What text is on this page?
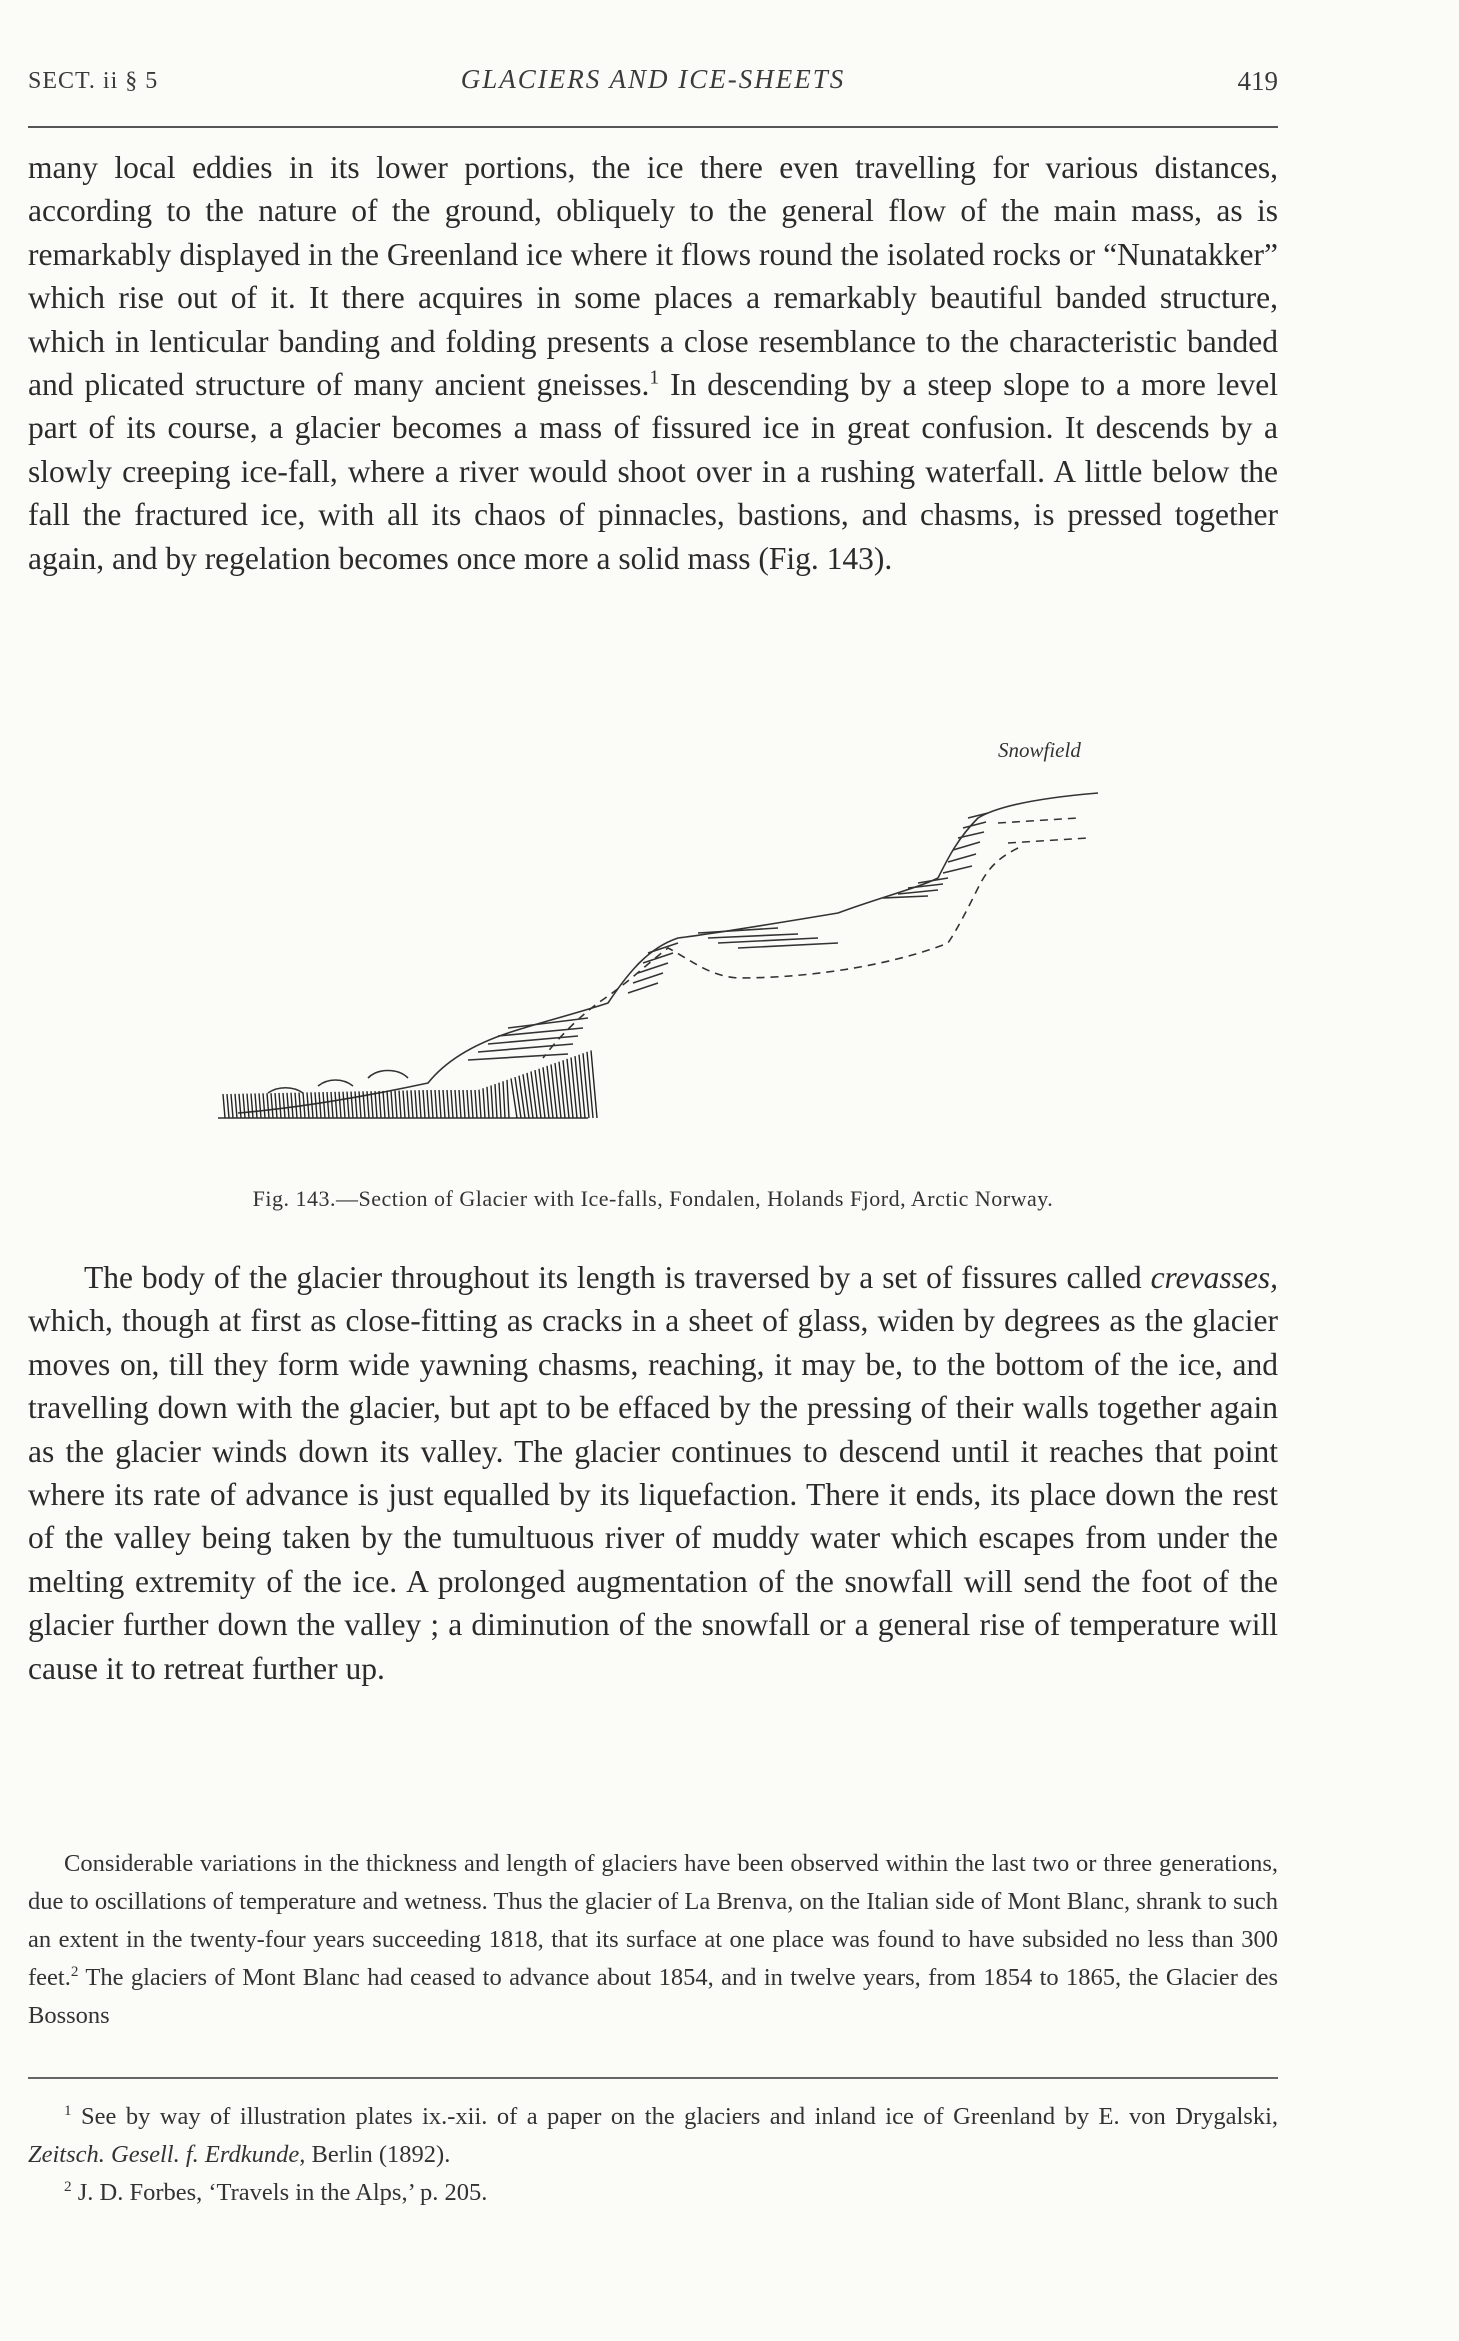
SECT. ii § 5	GLACIERS AND ICE-SHEETS	419
many local eddies in its lower portions, the ice there even travelling for various distances, according to the nature of the ground, obliquely to the general flow of the main mass, as is remarkably displayed in the Greenland ice where it flows round the isolated rocks or “Nunatakker” which rise out of it. It there acquires in some places a remarkably beautiful banded structure, which in lenticular banding and folding presents a close resemblance to the characteristic banded and plicated structure of many ancient gneisses.$^1$ In descending by a steep slope to a more level part of its course, a glacier becomes a mass of fissured ice in great confusion. It descends by a slowly creeping ice-fall, where a river would shoot over in a rushing waterfall. A little below the fall the fractured ice, with all its chaos of pinnacles, bastions, and chasms, is pressed together again, and by regelation becomes once more a solid mass (Fig. 143).
Snowfield
Fig. 143.—Section of Glacier with Ice-falls, Fondalen, Holands Fjord, Arctic Norway.
The body of the glacier throughout its length is traversed by a set of fissures called crevasses, which, though at first as close-fitting as cracks in a sheet of glass, widen by degrees as the glacier moves on, till they form wide yawning chasms, reaching, it may be, to the bottom of the ice, and travelling down with the glacier, but apt to be effaced by the pressing of their walls together again as the glacier winds down its valley. The glacier continues to descend until it reaches that point where its rate of advance is just equalled by its liquefaction. There it ends, its place down the rest of the valley being taken by the tumultuous river of muddy water which escapes from under the melting extremity of the ice. A prolonged augmentation of the snowfall will send the foot of the glacier further down the valley ; a diminution of the snowfall or a general rise of temperature will cause it to retreat further up.
Considerable variations in the thickness and length of glaciers have been observed within the last two or three generations, due to oscillations of temperature and wetness. Thus the glacier of La Brenva, on the Italian side of Mont Blanc, shrank to such an extent in the twenty-four years succeeding 1818, that its surface at one place was found to have subsided no less than 300 feet.$^2$ The glaciers of Mont Blanc had ceased to advance about 1854, and in twelve years, from 1854 to 1865, the Glacier des Bossons
$^1$ See by way of illustration plates ix.-xii. of a paper on the glaciers and inland ice of Greenland by E. von Drygalski, Zeitsch. Gesell. f. Erdkunde, Berlin (1892).
$^2$ J. D. Forbes, ‘Travels in the Alps,’ p. 205.
